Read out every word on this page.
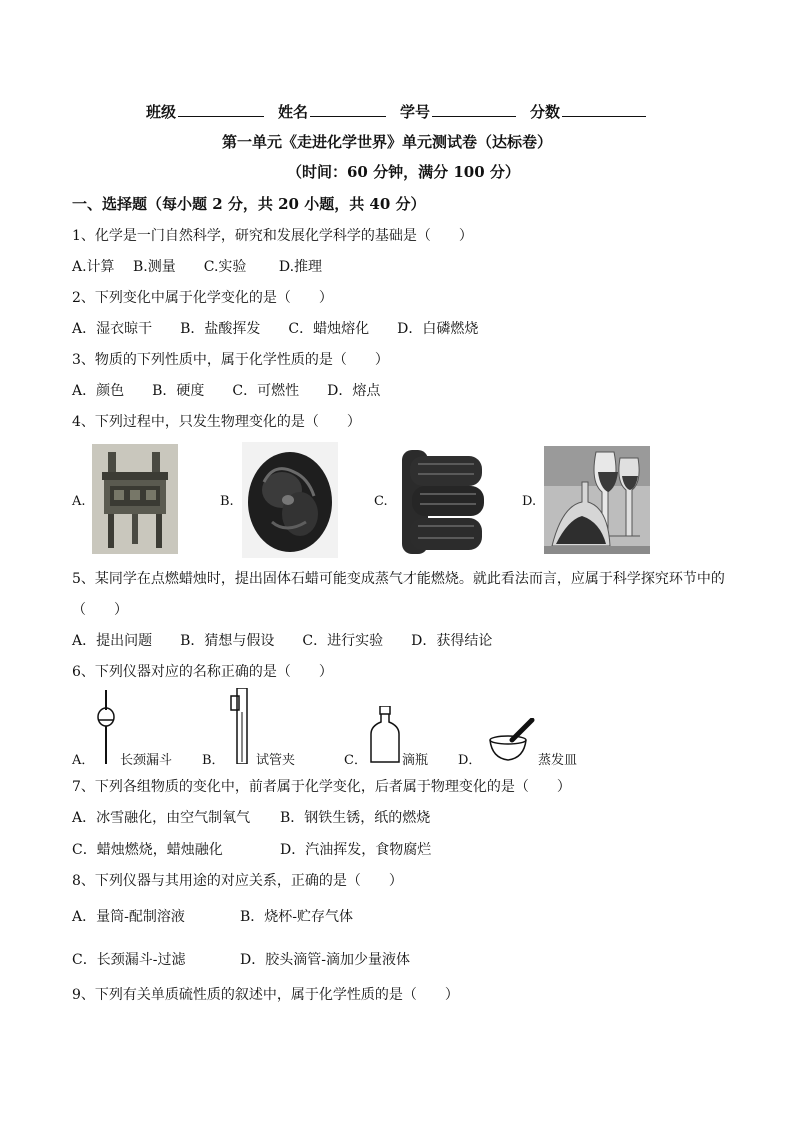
班级	姓名	学号	分数
第一单元《走进化学世界》单元测试卷（达标卷）
（时间：60 分钟，满分 100 分）
一、选择题（每小题 2 分，共 20 小题，共 40 分）
1、化学是一门自然科学，研究和发展化学科学的基础是（　　）
A.计算　 B.测量　　C.实验　　 D.推理
2、下列变化中属于化学变化的是（　　）
A．湿衣晾干　　B．盐酸挥发　　C．蜡烛熔化　　D．白磷燃烧
3、物质的下列性质中，属于化学性质的是（　　）
A．颜色　　B．硬度　　C．可燃性　　D．熔点
4、下列过程中，只发生物理变化的是（　　）
A.	B.	C.	D.
5、某同学在点燃蜡烛时，提出固体石蜡可能变成蒸气才能燃烧。就此看法而言，应属于科学探究环节中的
（　　）
A．提出问题　　B．猜想与假设　　C．进行实验　　D．获得结论
6、下列仪器对应的名称正确的是（　　）
A． 长颈漏斗 B． 试管夹	C．	滴瓶 D．	蒸发皿
7、下列各组物质的变化中，前者属于化学变化，后者属于物理变化的是（　　）
A．冰雪融化，由空气制氧气 B．钢铁生锈，纸的燃烧
C．蜡烛燃烧，蜡烛融化	D．汽油挥发，食物腐烂
8、下列仪器与其用途的对应关系，正确的是（　　）
A．量筒-配制溶液	B．烧杯-贮存气体
C．长颈漏斗-过滤	D．胶头滴管-滴加少量液体
9、下列有关单质硫性质的叙述中，属于化学性质的是（　　）
